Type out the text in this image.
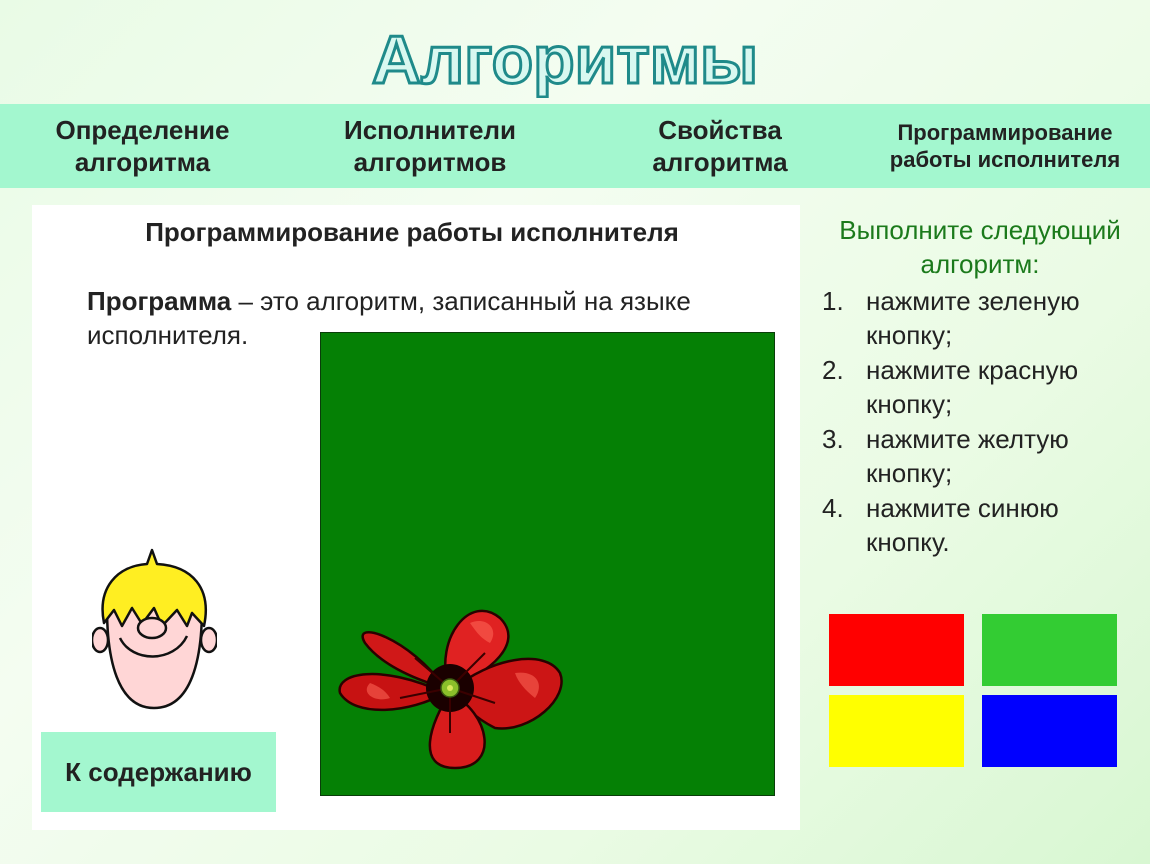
Алгоритмы
Определение
алгоритма
Исполнители
алгоритмов
Свойства
алгоритма
Программирование
работы исполнителя
Программирование работы исполнителя
Программа – это алгоритм, записанный на языке исполнителя.
К содержанию
Выполните следующий алгоритм:
1. нажмите зеленую кнопку;
2. нажмите красную кнопку;
3. нажмите желтую кнопку;
4. нажмите синюю кнопку.
